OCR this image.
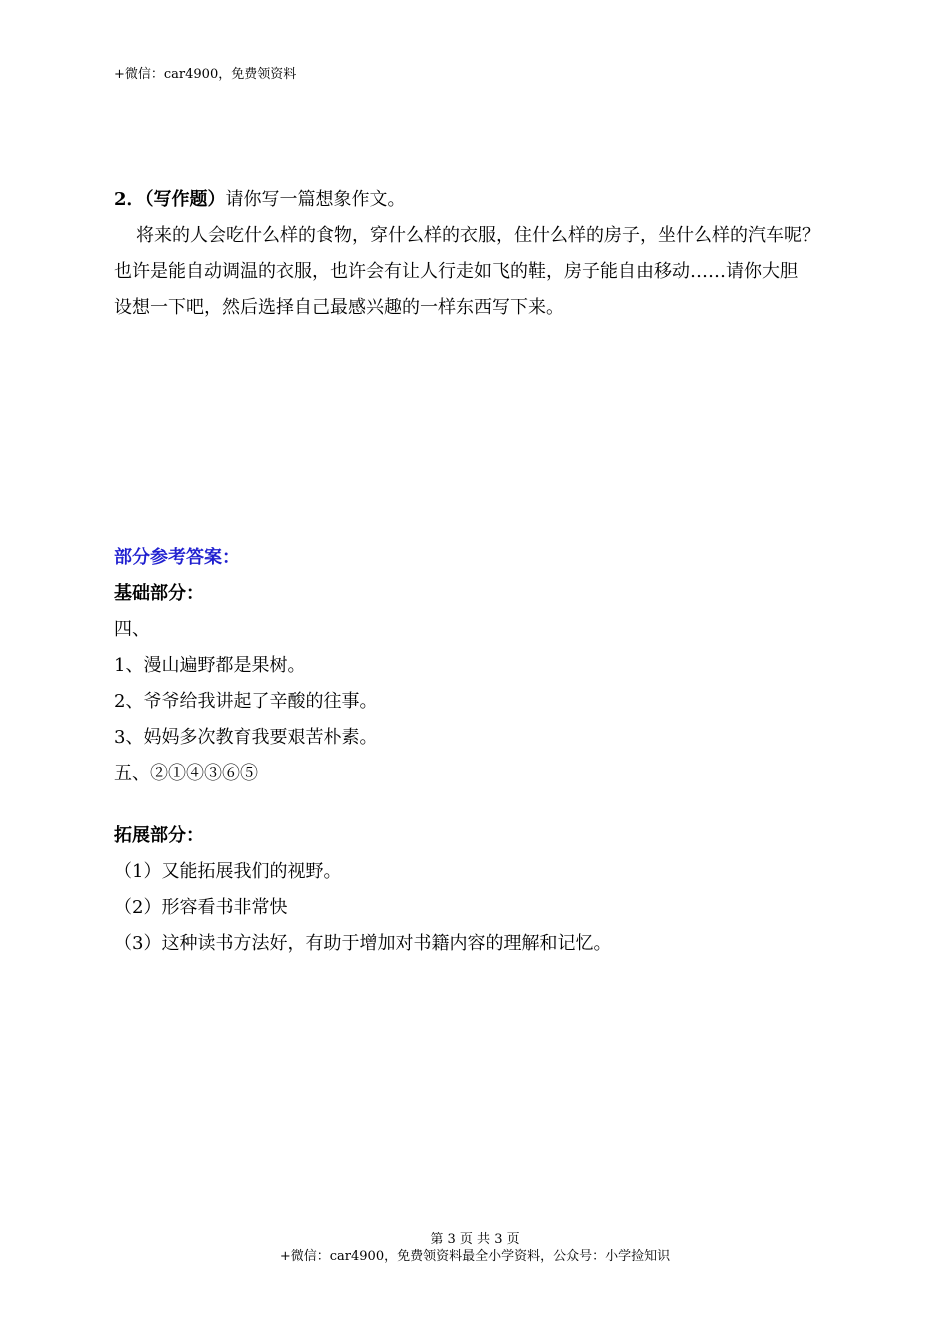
+微信：car4900，免费领资料
2．（写作题）请你写一篇想象作文。
将来的人会吃什么样的食物，穿什么样的衣服，住什么样的房子，坐什么样的汽车呢？
也许是能自动调温的衣服，也许会有让人行走如飞的鞋，房子能自由移动……请你大胆
设想一下吧，然后选择自己最感兴趣的一样东西写下来。
部分参考答案：
基础部分：
四、
1、漫山遍野都是果树。
2、爷爷给我讲起了辛酸的往事。
3、妈妈多次教育我要艰苦朴素。
五、②①④③⑥⑤
拓展部分：
（1）又能拓展我们的视野。
（2）形容看书非常快
（3）这种读书方法好，有助于增加对书籍内容的理解和记忆。
第 3 页 共 3 页
+微信：car4900，免费领资料最全小学资料，公众号：小学捡知识
